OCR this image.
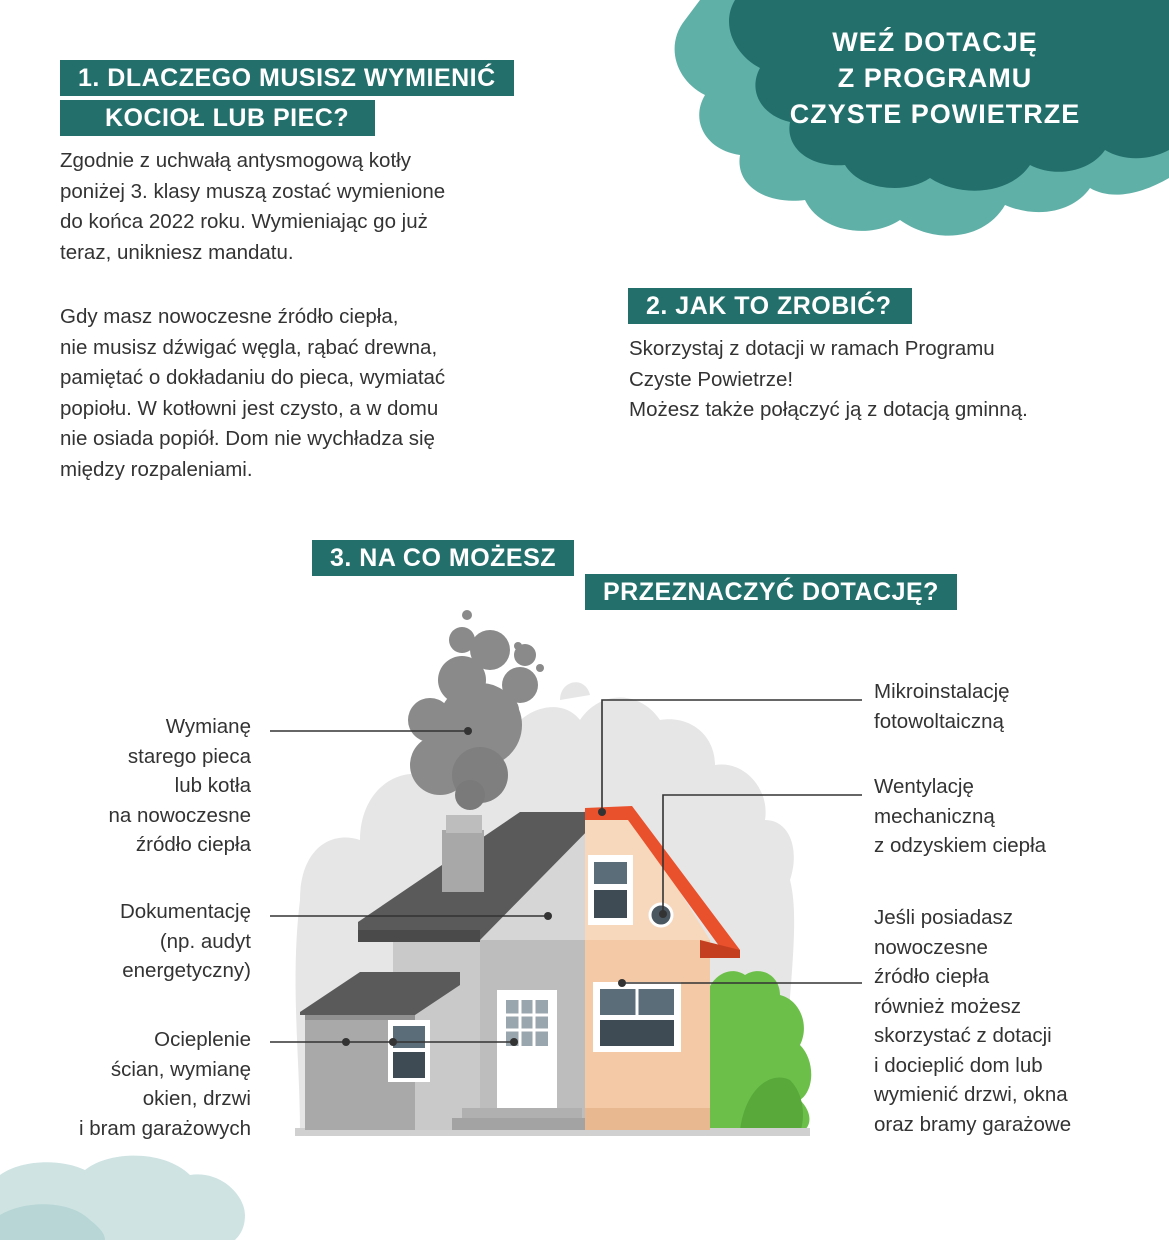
WEŹ DOTACJĘ
Z PROGRAMU
CZYSTE POWIETRZE
1. DLACZEGO MUSISZ WYMIENIĆ
KOCIOŁ LUB PIEC?
Zgodnie z uchwałą antysmogową kotły
poniżej 3. klasy muszą zostać wymienione
do końca 2022 roku. Wymieniając go już
teraz, unikniesz mandatu.
Gdy masz nowoczesne źródło ciepła,
nie musisz dźwigać węgla, rąbać drewna,
pamiętać o dokładaniu do pieca, wymiatać
popiołu. W kotłowni jest czysto, a w domu
nie osiada popiół. Dom nie wychładza się
między rozpaleniami.
2. JAK TO ZROBIĆ?
Skorzystaj z dotacji w ramach Programu
Czyste Powietrze!
Możesz także połączyć ją z dotacją gminną.
3. NA CO MOŻESZ
PRZEZNACZYĆ DOTACJĘ?
Wymianę
starego pieca
lub kotła
na nowoczesne
źródło ciepła
Dokumentację
(np. audyt
energetyczny)
Ocieplenie
ścian, wymianę
okien, drzwi
i bram garażowych
Mikroinstalację
fotowoltaiczną
Wentylację
mechaniczną
z odzyskiem ciepła
Jeśli posiadasz
nowoczesne
źródło ciepła
również możesz
skorzystać z dotacji
i docieplić dom lub
wymienić drzwi, okna
oraz bramy garażowe
